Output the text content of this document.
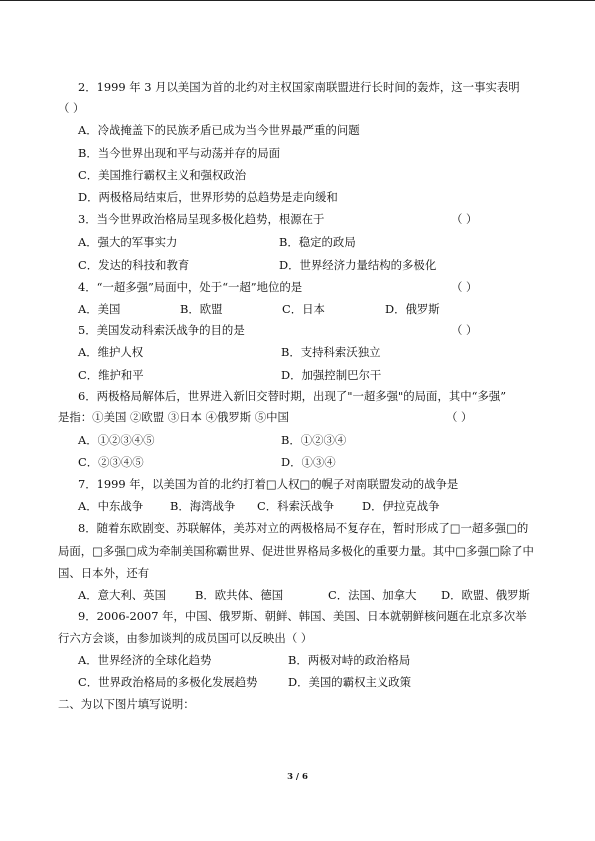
2．1999 年 3 月以美国为首的北约对主权国家南联盟进行长时间的轰炸，这一事实表明
（ ）
A．冷战掩盖下的民族矛盾已成为当今世界最严重的问题
B．当今世界出现和平与动荡并存的局面
C．美国推行霸权主义和强权政治
D．两极格局结束后，世界形势的总趋势是走向缓和
3．当今世界政治格局呈现多极化趋势，根源在于	（ ）
A．强大的军事实力	B．稳定的政局
C．发达的科技和教育	D．世界经济力量结构的多极化
4．“一超多强”局面中，处于“一超”地位的是	（ ）
A．美国	B．欧盟	C．日本	D．俄罗斯
5．美国发动科索沃战争的目的是	（ ）
A．维护人权	B．支持科索沃独立
C．维护和平	D．加强控制巴尔干
6．两极格局解体后，世界进入新旧交替时期，出现了"一超多强"的局面，其中“多强”
是指：①美国 ②欧盟 ③日本 ④俄罗斯 ⑤中国	（ ）
A．①②③④⑤	B．①②③④
C．②③④⑤	D．①③④
7．1999 年，以美国为首的北约打着□人权□的幌子对南联盟发动的战争是
A．中东战争 B．海湾战争 C．科索沃战争 D．伊拉克战争
8．随着东欧剧变、苏联解体，美苏对立的两极格局不复存在，暂时形成了□一超多强□的
局面，□多强□成为牵制美国称霸世界、促进世界格局多极化的重要力量。其中□多强□除了中
国、日本外，还有
A．意大利、英国	B．欧共体、德国	C．法国、加拿大 D．欧盟、俄罗斯
9．2006-2007 年，中国、俄罗斯、朝鲜、韩国、美国、日本就朝鲜核问题在北京多次举
行六方会谈，由参加谈判的成员国可以反映出（ ）
A．世界经济的全球化趋势	B．两极对峙的政治格局
C．世界政治格局的多极化发展趋势	D．美国的霸权主义政策
二、为以下图片填写说明：
3 / 6
